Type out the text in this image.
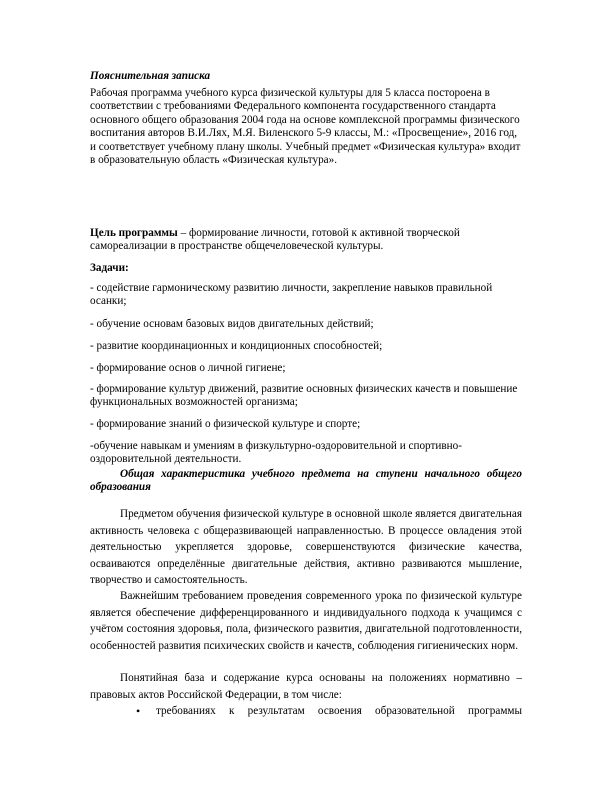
Пояснительная записка

Рабочая программа учебного курса физической культуры для 5 класса постороена в соответствии с требованиями Федерального компонента государственного стандарта основного общего образования 2004 года на основе комплексной программы физического воспитания авторов В.И.Лях, М.Я. Виленского 5-9 классы, М.: «Просвещение», 2016 год, и соответствует учебному плану школы. Учебный предмет «Физическая культура» входит в образовательную область «Физическая культура».

Цель программы – формирование личности, готовой к активной творческой самореализации в пространстве общечеловеческой культуры.

Задачи:

- содействие гармоническому развитию личности, закрепление навыков правильной осанки;

- обучение основам базовых видов двигательных действий;

- развитие координационных и кондиционных способностей;

- формирование основ о личной гигиене;

- формирование культур движений, развитие основных физических качеств и повышение функциональных возможностей организма;

- формирование знаний о физической культуре и спорте;

-обучение навыкам и умениям в физкультурно-оздоровительной и спортивно-оздоровительной деятельности.

Общая характеристика учебного предмета на ступени начального общего образования

Предметом обучения физической культуре в основной школе является двигательная активность человека с общеразвивающей направленностью. В процессе овладения этой деятельностью укрепляется здоровье, совершенствуются физические качества, осваиваются определённые двигательные действия, активно развиваются мышление, творчество и самостоятельность.

Важнейшим требованием проведения современного урока по физической культуре является обеспечение дифференцированного и индивидуального подхода к учащимся с учётом состояния здоровья, пола, физического развития, двигательной подготовленности, особенностей развития психических свойств и качеств, соблюдения гигиенических норм.

Понятийная база и содержание курса основаны на положениях нормативно – правовых актов Российской Федерации, в том числе:

• требованиях к результатам освоения образовательной программы
